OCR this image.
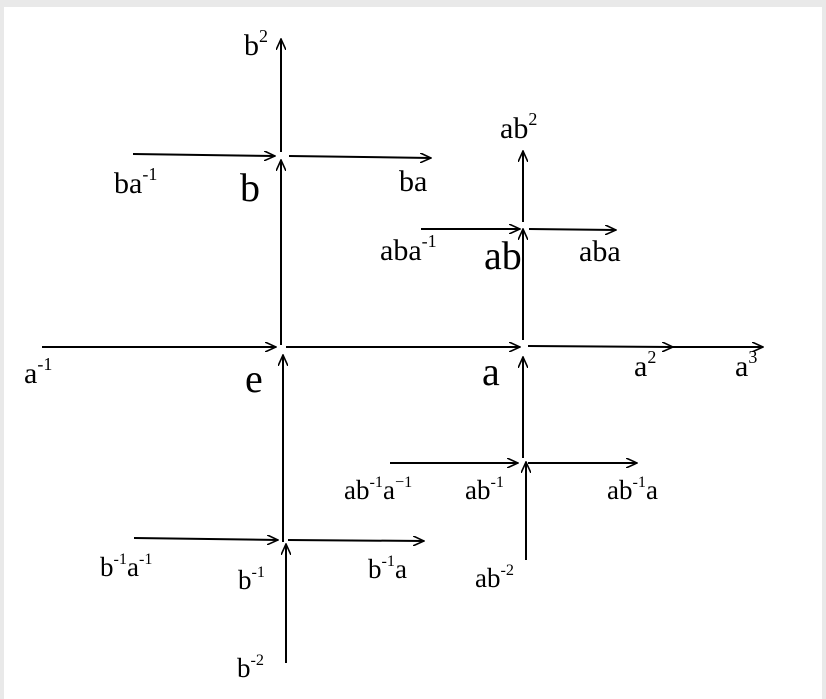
$b^2$
$ab^2$
$ba^{-1}$ b	ba
aba$^{-1}$ ab aba
$a^{-1}$	e	a	$a^2$	$a^3$
$ab^{-1}a^{-1}$ $ab^{-1}$	$ab^{-1}a$
$b^{-1}a^{-1}$
$b^{-1}$	$b^{-1}a$	$ab^{-2}$
$b^{-2}$
